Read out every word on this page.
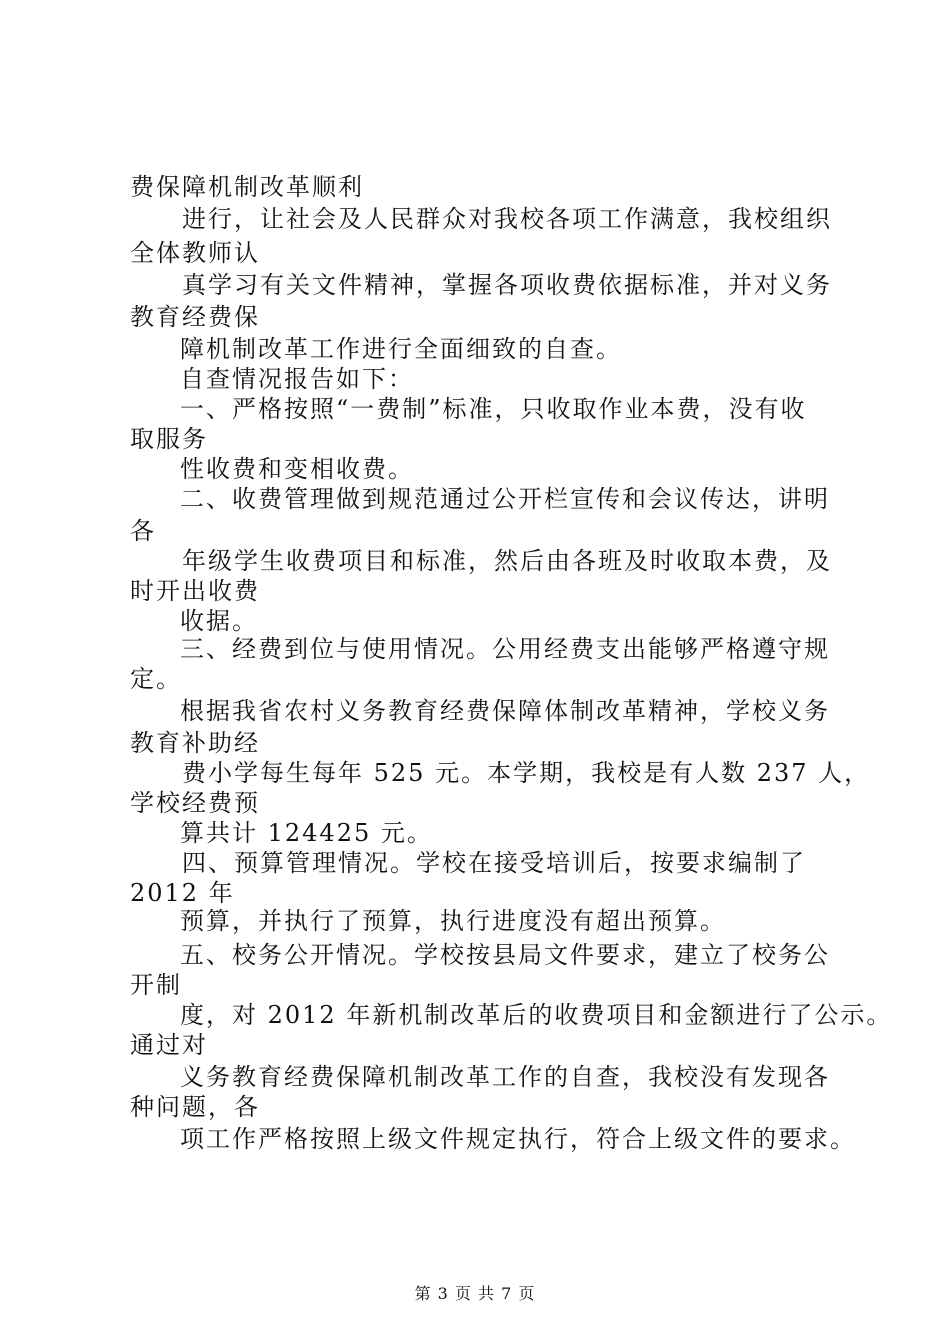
费保障机制改革顺利
进行，让社会及人民群众对我校各项工作满意，我校组织
全体教师认
真学习有关文件精神，掌握各项收费依据标准，并对义务
教育经费保
障机制改革工作进行全面细致的自查。
自查情况报告如下：
一、严格按照“一费制”标准，只收取作业本费，没有收
取服务
性收费和变相收费。
二、收费管理做到规范通过公开栏宣传和会议传达，讲明
各
年级学生收费项目和标准，然后由各班及时收取本费，及
时开出收费
收据。
三、经费到位与使用情况。公用经费支出能够严格遵守规
定。
根据我省农村义务教育经费保障体制改革精神，学校义务
教育补助经
费小学每生每年 525 元。本学期，我校是有人数 237 人，
学校经费预
算共计 124425 元。
四、预算管理情况。学校在接受培训后，按要求编制了
2012 年
预算，并执行了预算，执行进度没有超出预算。
五、校务公开情况。学校按县局文件要求，建立了校务公
开制
度，对 2012 年新机制改革后的收费项目和金额进行了公示。
通过对
义务教育经费保障机制改革工作的自查，我校没有发现各
种问题，各
项工作严格按照上级文件规定执行，符合上级文件的要求。
第 3 页 共 7 页
